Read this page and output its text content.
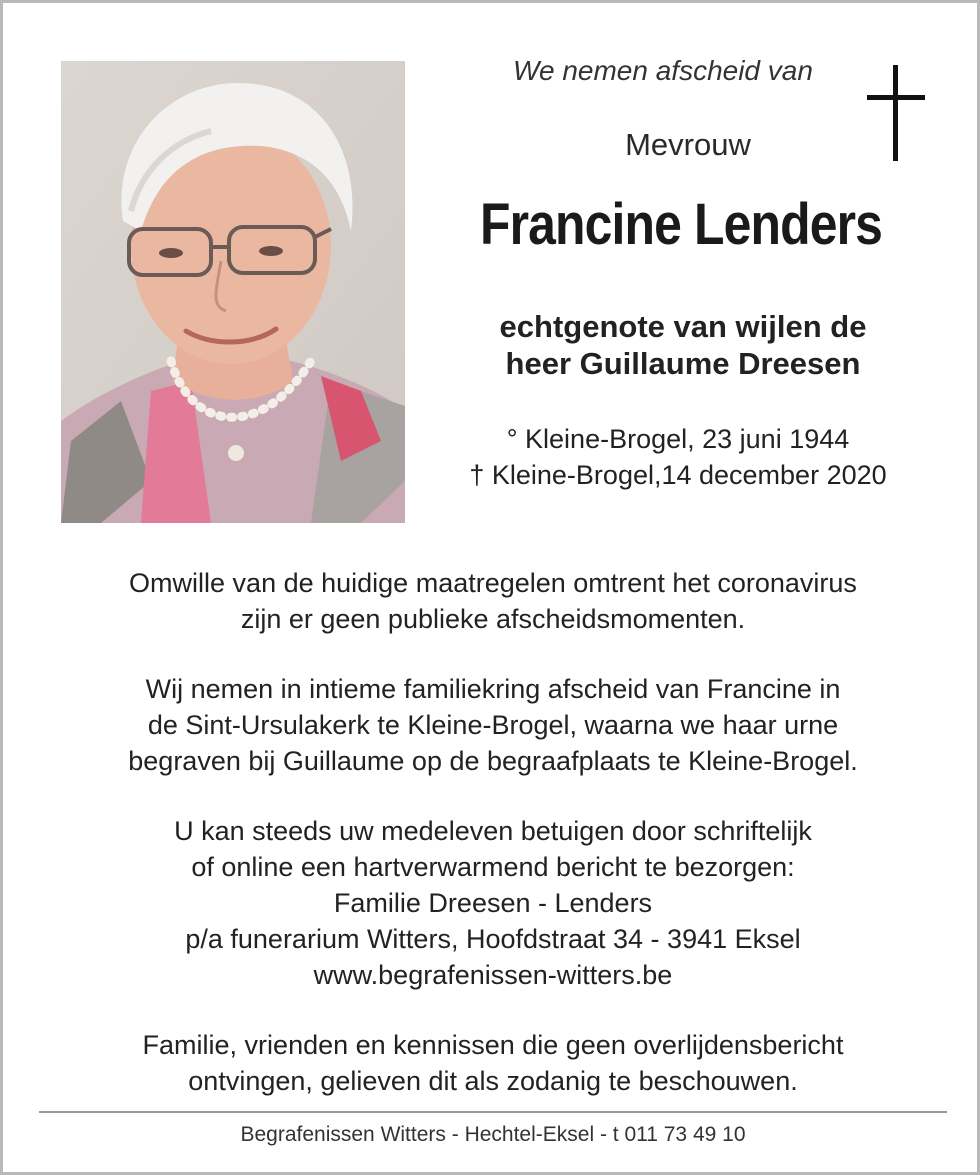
We nemen afscheid van
Mevrouw
Francine Lenders
echtgenote van wijlen de
heer Guillaume Dreesen
° Kleine-Brogel, 23 juni 1944
† Kleine-Brogel,14 december 2020
Omwille van de huidige maatregelen omtrent het coronavirus
zijn er geen publieke afscheidsmomenten.
Wij nemen in intieme familiekring afscheid van Francine in
de Sint-Ursulakerk te Kleine-Brogel, waarna we haar urne
begraven bij Guillaume op de begraafplaats te Kleine-Brogel.
U kan steeds uw medeleven betuigen door schriftelijk
of online een hartverwarmend bericht te bezorgen:
Familie Dreesen - Lenders
p/a funerarium Witters, Hoofdstraat 34 - 3941 Eksel
www.begrafenissen-witters.be
Familie, vrienden en kennissen die geen overlijdensbericht
ontvingen, gelieven dit als zodanig te beschouwen.
Begrafenissen Witters - Hechtel-Eksel - t 011 73 49 10
